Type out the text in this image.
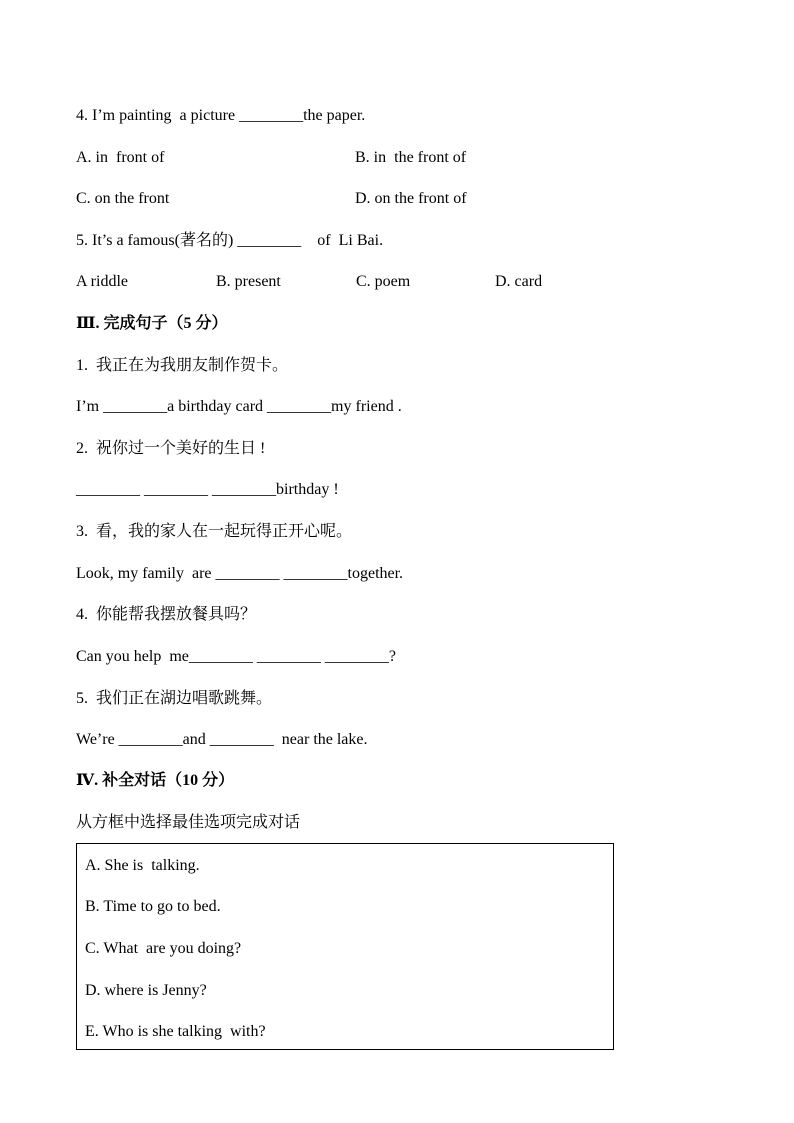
4. I’m painting  a picture ________the paper.
A. in  front of	B. in  the front of
C. on the front	D. on the front of
5. It’s a famous(著名的) ________    of  Li Bai.
A riddle	B. present	C. poem	D. card
Ⅲ. 完成句子（5 分）
1.  我正在为我朋友制作贺卡。
I’m ________a birthday card ________my friend .
2.  祝你过一个美好的生日 !
________ ________ ________birthday !
3.  看，我的家人在一起玩得正开心呢。
Look, my family  are ________ ________together.
4.  你能帮我摆放餐具吗？
Can you help  me________ ________ ________?
5.  我们正在湖边唱歌跳舞。
We’re ________and ________  near the lake.
Ⅳ. 补全对话（10 分）
从方框中选择最佳选项完成对话
A. She is  talking.
B. Time to go to bed.
C. What  are you doing?
D. where is Jenny?
E. Who is she talking  with?
